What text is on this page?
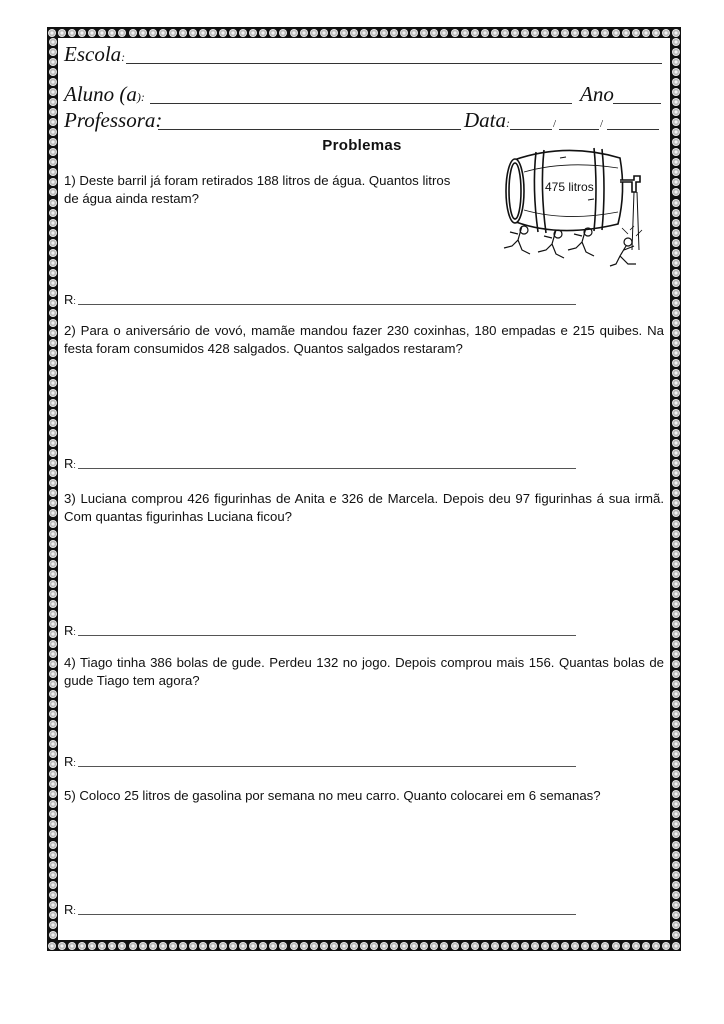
Escola:
Aluno (a):	Ano
Professora:	Data:	/	/
Problemas
475 litros
1) Deste barril já foram retirados 188 litros de água. Quantos litros de água ainda restam?
R:
2) Para o aniversário de vovó, mamãe mandou fazer 230 coxinhas, 180 empadas e 215 quibes. Na festa foram consumidos 428 salgados. Quantos salgados restaram?
R:
3) Luciana comprou 426 figurinhas de Anita e 326 de Marcela. Depois deu 97 figurinhas á sua irmã. Com quantas figurinhas Luciana ficou?
R:
4) Tiago tinha 386 bolas de gude. Perdeu 132 no jogo. Depois comprou mais 156. Quantas bolas de gude Tiago tem agora?
R:
5) Coloco 25 litros de gasolina por semana no meu carro. Quanto colocarei em 6 semanas?
R:
